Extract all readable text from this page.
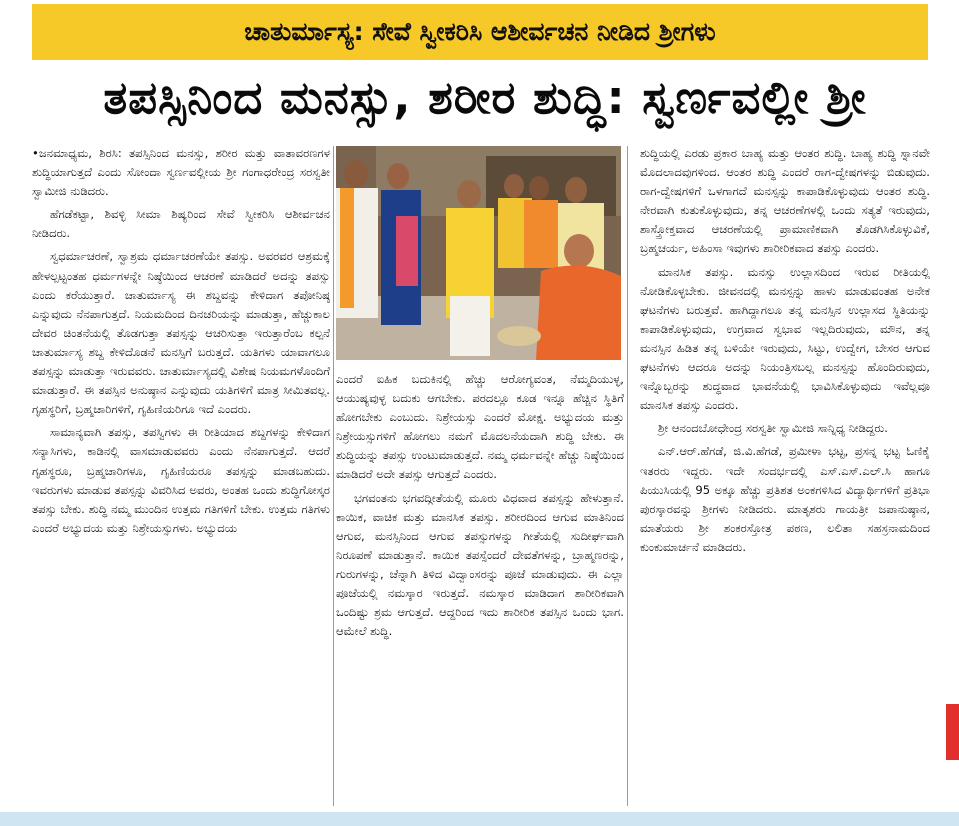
ಚಾತುರ್ಮಾಸ್ಯ: ಸೇವೆ ಸ್ವೀಕರಿಸಿ ಆಶೀರ್ವಚನ ನೀಡಿದ ಶ್ರೀಗಳು
ತಪಸ್ಸಿನಿಂದ ಮನಸ್ಸು, ಶರೀರ ಶುದ್ಧಿ: ಸ್ವರ್ಣವಲ್ಲೀ ಶ್ರೀ

•ಜನಮಾಧ್ಯಮ, ಶಿರಸಿ: ತಪಸ್ಸಿನಿಂದ ಮನಸ್ಸು, ಶರೀರ ಮತ್ತು ವಾತಾವರಣಗಳ ಶುದ್ಧಿಯಾಗುತ್ತದೆ ಎಂದು ಸೋಂದಾ ಸ್ವರ್ಣವಲ್ಲೀಯ ಶ್ರೀ ಗಂಗಾಧರೇಂದ್ರ ಸರಸ್ವತೀ ಸ್ವಾಮೀಜಿ ನುಡಿದರು.

ಹೆಗಡೆಕಟ್ಟಾ, ಶಿವಳ್ಳಿ ಸೀಮಾ ಶಿಷ್ಯರಿಂದ ಸೇವೆ ಸ್ವೀಕರಿಸಿ ಆಶೀರ್ವಚನ ನೀಡಿದರು.

ಸ್ವಧರ್ಮಾಚರಣೆ, ಸ್ವಾಶ್ರಮ ಧರ್ಮಾಚರಣೆಯೇ ತಪಸ್ಸು. ಅವರವರ ಆಶ್ರಮಕ್ಕೆ ಹೇಳಲ್ಪಟ್ಟಂತಹ ಧರ್ಮಗಳನ್ನೇ ನಿಷ್ಠೆಯಿಂದ ಆಚರಣೆ ಮಾಡಿದರೆ ಅದನ್ನು ತಪಸ್ಸು ಎಂದು ಕರೆಯುತ್ತಾರೆ. ಚಾತುರ್ಮಾಸ್ಯ ಈ ಶಬ್ದವನ್ನು ಕೇಳಿದಾಗ ತಪೋನಿಷ್ಠ ಎನ್ನುವುದು ನೆನಪಾಗುತ್ತದೆ. ನಿಯಮದಿಂದ ದಿನಚರಿಯನ್ನು ಮಾಡುತ್ತಾ, ಹೆಚ್ಚುಕಾಲ ದೇವರ ಚಿಂತನೆಯಲ್ಲಿ ತೊಡಗುತ್ತಾ ತಪಸ್ಸನ್ನು ಆಚರಿಸುತ್ತಾ ಇರುತ್ತಾರೆಂಬ ಕಲ್ಪನೆ ಚಾತುರ್ಮಾಸ್ಯ ಶಬ್ದ ಕೇಳಿದೊಡನೆ ಮನಸ್ಸಿಗೆ ಬರುತ್ತದೆ. ಯತಿಗಳು ಯಾವಾಗಲೂ ತಪಸ್ಸನ್ನು ಮಾಡುತ್ತಾ ಇರುವವರು. ಚಾತುರ್ಮಾಸ್ಯದಲ್ಲಿ ವಿಶೇಷ ನಿಯಮಗಳೊಂದಿಗೆ ಮಾಡುತ್ತಾರೆ. ಈ ತಪಸ್ಸಿನ ಅನುಷ್ಠಾನ ಎನ್ನುವುದು ಯತಿಗಳಿಗೆ ಮಾತ್ರ ಸೀಮಿತವಲ್ಲ. ಗೃಹಸ್ಥರಿಗೆ, ಬ್ರಹ್ಮಚಾರಿಗಳಿಗೆ, ಗೃಹಿಣಿಯರಿಗೂ ಇದೆ ಎಂದರು.

ಸಾಮಾನ್ಯವಾಗಿ ತಪಸ್ಸು, ತಪಸ್ವಿಗಳು ಈ ರೀತಿಯಾದ ಶಬ್ದಗಳನ್ನು ಕೇಳಿದಾಗ ಸನ್ಯಾಸಿಗಳು, ಕಾಡಿನಲ್ಲಿ ವಾಸಮಾಡುವವರು ಎಂದು ನೆನಪಾಗುತ್ತದೆ. ಆದರೆ ಗೃಹಸ್ಥರೂ, ಬ್ರಹ್ಮಚಾರಿಗಳೂ, ಗೃಹಿಣಿಯರೂ ತಪಸ್ಸನ್ನು ಮಾಡಬಹುದು. ಇವರುಗಳು ಮಾಡುವ ತಪಸ್ಸನ್ನು ವಿವರಿಸಿದ ಅವರು, ಅಂತಹ ಒಂದು ಶುದ್ಧಿಗೋಸ್ಕರ ತಪಸ್ಸು ಬೇಕು. ಶುದ್ಧಿ ನಮ್ಮ ಮುಂದಿನ ಉತ್ತಮ ಗತಿಗಳಿಗೆ ಬೇಕು. ಉತ್ತಮ ಗತಿಗಳು ಎಂದರೆ ಅಭ್ಯುದಯ ಮತ್ತು ನಿಶ್ರೇಯಸ್ಸುಗಳು. ಅಭ್ಯುದಯ

ಎಂದರೆ ಐಹಿಕ ಬದುಕಿನಲ್ಲಿ ಹೆಚ್ಚು ಆರೋಗ್ಯವಂತ, ನೆಮ್ಮದಿಯುಳ್ಳ, ಆಯುಷ್ಯವುಳ್ಳ ಬದುಕು ಆಗಬೇಕು. ಪರದಲ್ಲೂ ಕೂಡ ಇನ್ನೂ ಹೆಚ್ಚಿನ ಸ್ಥಿತಿಗೆ ಹೋಗಬೇಕು ಎಂಬುದು. ನಿಶ್ರೇಯಸ್ಸು ಎಂದರೆ ಮೋಕ್ಷ. ಅಭ್ಯುದಯ ಮತ್ತು ನಿಶ್ರೇಯಸ್ಸುಗಳಿಗೆ ಹೋಗಲು ನಮಗೆ ಮೊದಲನೆಯದಾಗಿ ಶುದ್ಧಿ ಬೇಕು. ಈ ಶುದ್ಧಿಯನ್ನು ತಪಸ್ಸು ಉಂಟುಮಾಡುತ್ತದೆ. ನಮ್ಮ ಧರ್ಮವನ್ನೇ ಹೆಚ್ಚು ನಿಷ್ಠೆಯಿಂದ ಮಾಡಿದರೆ ಅದೇ ತಪಸ್ಸು ಆಗುತ್ತದೆ ಎಂದರು.

ಭಗವಂತನು ಭಗವದ್ಗೀತೆಯಲ್ಲಿ ಮೂರು ವಿಧವಾದ ತಪಸ್ಸನ್ನು ಹೇಳುತ್ತಾನೆ. ಕಾಯಿಕ, ವಾಚಿಕ ಮತ್ತು ಮಾನಸಿಕ ತಪಸ್ಸು. ಶರೀರದಿಂದ ಆಗುವ ಮಾತಿನಿಂದ ಆಗುವ, ಮನಸ್ಸಿನಿಂದ ಆಗುವ ತಪಸ್ಸುಗಳನ್ನು ಗೀತೆಯಲ್ಲಿ ಸುದೀರ್ಘವಾಗಿ ನಿರೂಪಣೆ ಮಾಡುತ್ತಾನೆ. ಕಾಯಿಕ ತಪಸ್ಸೆಂದರೆ ದೇವತೆಗಳನ್ನು, ಬ್ರಾಹ್ಮಣರನ್ನು, ಗುರುಗಳನ್ನು, ಚೆನ್ನಾಗಿ ತಿಳಿದ ವಿದ್ವಾಂಸರನ್ನು ಪೂಜೆ ಮಾಡುವುದು. ಈ ಎಲ್ಲಾ ಪೂಜೆಯಲ್ಲಿ ನಮಸ್ಕಾರ ಇರುತ್ತದೆ. ನಮಸ್ಕಾರ ಮಾಡಿದಾಗ ಶಾರೀರಿಕವಾಗಿ ಒಂದಿಷ್ಟು ಶ್ರಮ ಆಗುತ್ತದೆ. ಆದ್ದರಿಂದ ಇದು ಶಾರೀರಿಕ ತಪಸ್ಸಿನ ಒಂದು ಭಾಗ. ಆಮೇಲೆ ಶುದ್ಧಿ.

ಶುದ್ಧಿಯಲ್ಲಿ ಎರಡು ಪ್ರಕಾರ ಬಾಹ್ಯ ಮತ್ತು ಆಂತರ ಶುದ್ಧಿ. ಬಾಹ್ಯ ಶುದ್ಧಿ ಸ್ನಾನವೇ ಮೊದಲಾದವುಗಳಿಂದ. ಆಂತರ ಶುದ್ಧಿ ಎಂದರೆ ರಾಗ-ದ್ವೇಷಗಳನ್ನು ಬಿಡುವುದು. ರಾಗ-ದ್ವೇಷಗಳಿಗೆ ಒಳಗಾಗದೆ ಮನಸ್ಸನ್ನು ಕಾಪಾಡಿಕೊಳ್ಳುವುದು ಆಂತರ ಶುದ್ಧಿ. ನೇರವಾಗಿ ಕುತುಕೊಳ್ಳುವುದು, ತನ್ನ ಆಚರಣೆಗಳಲ್ಲಿ ಒಂದು ಸತ್ಯತೆ ಇರುವುದು, ಶಾಸ್ತ್ರೋಕ್ತವಾದ ಆಚರಣೆಯಲ್ಲಿ ಪ್ರಾಮಾಣಿಕವಾಗಿ ತೊಡಗಿಸಿಕೊಳ್ಳುವಿಕೆ, ಬ್ರಹ್ಮಚರ್ಯ, ಅಹಿಂಸಾ ಇವುಗಳು ಶಾರೀರಿಕವಾದ ತಪಸ್ಸು ಎಂದರು.

ಮಾನಸಿಕ ತಪಸ್ಸು. ಮನಸ್ಸು ಉಲ್ಲಾಸದಿಂದ ಇರುವ ರೀತಿಯಲ್ಲಿ ನೋಡಿಕೊಳ್ಳಬೇಕು. ಜೀವನದಲ್ಲಿ ಮನಸ್ಸನ್ನು ಹಾಳು ಮಾಡುವಂತಹ ಅನೇಕ ಘಟನೆಗಳು ಬರುತ್ತವೆ. ಹಾಗಿದ್ದಾಗಲೂ ತನ್ನ ಮನಸ್ಸಿನ ಉಲ್ಲಾಸದ ಸ್ಥಿತಿಯನ್ನು ಕಾಪಾಡಿಕೊಳ್ಳುವುದು, ಉಗ್ರವಾದ ಸ್ವಭಾವ ಇಲ್ಲದಿರುವುದು, ಮೌನ, ತನ್ನ ಮನಸ್ಸಿನ ಹಿಡಿತ ತನ್ನ ಬಳಿಯೇ ಇರುವುದು, ಸಿಟ್ಟು, ಉದ್ವೇಗ, ಬೇಸರ ಆಗುವ ಘಟನೆಗಳು ಆದರೂ ಅದನ್ನು ನಿಯಂತ್ರಿಸಬಲ್ಲ ಮನಸ್ಸನ್ನು ಹೊಂದಿರುವುದು, ಇನ್ನೊಬ್ಬರನ್ನು ಶುದ್ಧವಾದ ಭಾವನೆಯಲ್ಲಿ ಭಾವಿಸಿಕೊಳ್ಳುವುದು ಇವೆಲ್ಲವೂ ಮಾನಸಿಕ ತಪಸ್ಸು ಎಂದರು.

ಶ್ರೀ ಆನಂದಬೋಧೇಂದ್ರ ಸರಸ್ವತೀ ಸ್ವಾಮೀಜಿ ಸಾನ್ನಿಧ್ಯ ನೀಡಿದ್ದರು.

ಎನ್.ಆರ್.ಹೆಗಡೆ, ಜಿ.ವಿ.ಹೆಗಡೆ, ಪ್ರಮೀಳಾ ಭಟ್ಟ, ಪ್ರಸನ್ನ ಭಟ್ಟ ಓಣಿಕೈ ಇತರರು ಇದ್ದರು. ಇದೇ ಸಂದರ್ಭದಲ್ಲಿ ಎಸ್.ಎಸ್.ಎಲ್.ಸಿ ಹಾಗೂ ಪಿಯುಸಿಯಲ್ಲಿ 95 ಅಕ್ಕೂ ಹೆಚ್ಚು ಪ್ರತಿಶತ ಅಂಕಗಳಿಸಿದ ವಿದ್ಯಾರ್ಥಿಗಳಿಗೆ ಪ್ರತಿಭಾ ಪುರಸ್ಕಾರವನ್ನು ಶ್ರೀಗಳು ನೀಡಿದರು. ಮಾತೃಶರು ಗಾಯತ್ರೀ ಜಪಾನುಷ್ಠಾನ, ಮಾತೆಯರು ಶ್ರೀ ಶಂಕರಸ್ತೋತ್ರ ಪಠಣ, ಲಲಿತಾ ಸಹಸ್ರನಾಮದಿಂದ ಕುಂಕುಮಾರ್ಚನೆ ಮಾಡಿದರು.
